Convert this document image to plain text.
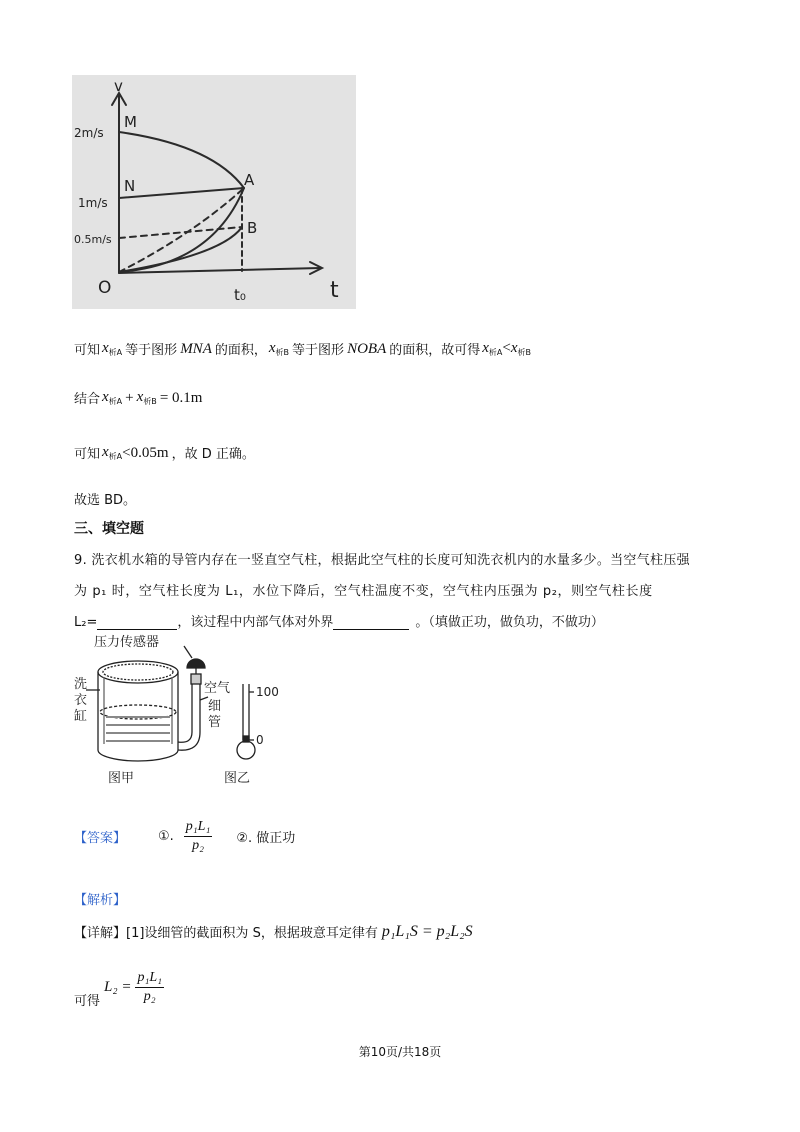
v
t
2m/s
1m/s
0.5m/s
M
N	A
B
O	t₀
可知 x析A 等于图形 MNA 的面积， x析B 等于图形 NOBA 的面积，故可得 x析A<x析B
结合 x析A + x析B = 0.1m
可知 x析A <0.05m ，故 D 正确。
故选 BD。
三、填空题
9. 洗衣机水箱的导管内存在一竖直空气柱，根据此空气柱的长度可知洗衣机内的水量多少。当空气柱压强
为 p₁ 时，空气柱长度为 L₁，水位下降后，空气柱温度不变，空气柱内压强为 p₂，则空气柱长度
L₂=	，该过程中内部气体对外界	。（填做正功，做负功，不做功）
压力传感器
洗
衣
缸
空气
细
管
100
0
图甲	图乙
【答案】	①. $\frac{\text{p₁L₁}}{\text{p₂}}$ ②. 做正功
【解析】
【详解】 [1]设细管的截面积为 S，根据玻意耳定律有 p₁L₁S = p₂L₂S
可得
$L_2 = \frac{\text{p₁L₁}}{\text{p₂}}$
第10页/共18页
